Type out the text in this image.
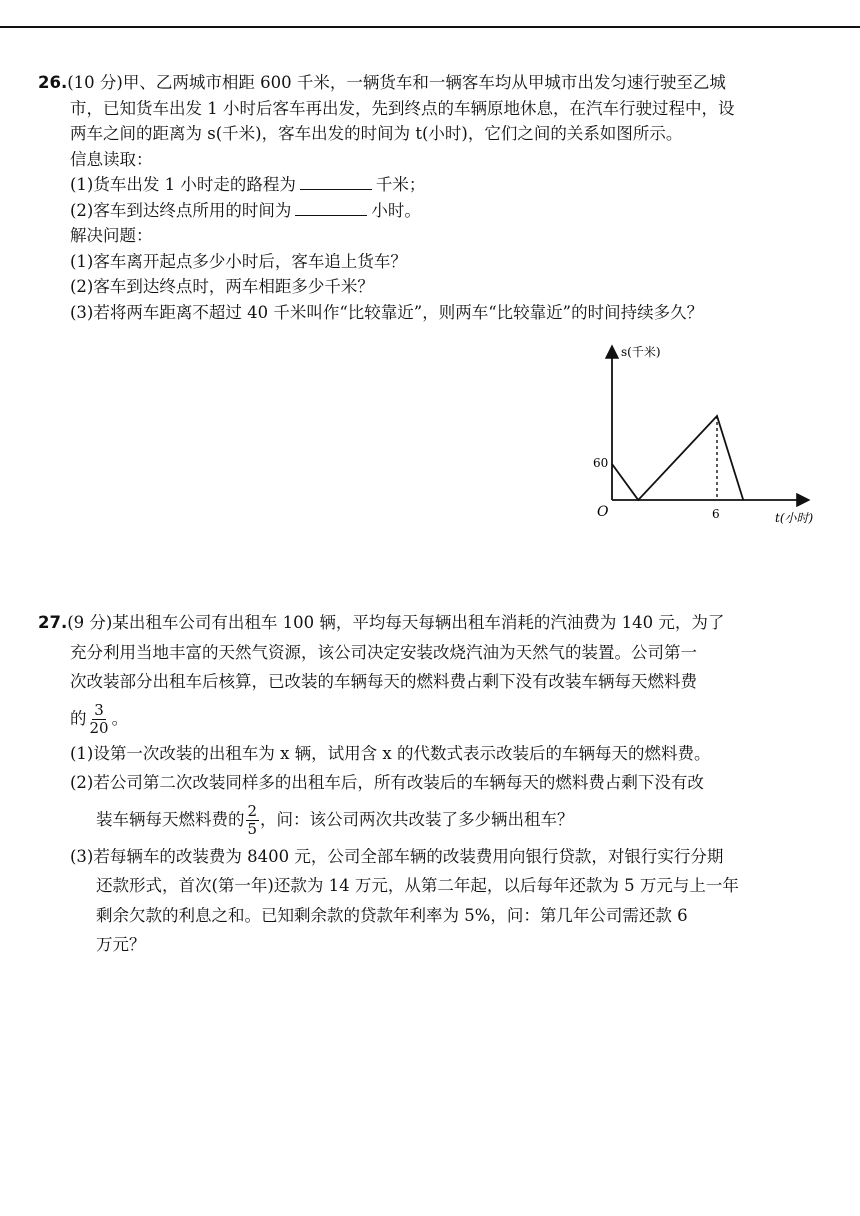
26.(10 分)甲、乙两城市相距 600 千米，一辆货车和一辆客车均从甲城市出发匀速行驶至乙城
市，已知货车出发 1 小时后客车再出发，先到终点的车辆原地休息，在汽车行驶过程中，设
两车之间的距离为 s(千米)，客车出发的时间为 t(小时)，它们之间的关系如图所示。
信息读取：
(1)货车出发 1 小时走的路程为	千米；
(2)客车到达终点所用的时间为	小时。
解决问题：
(1)客车离开起点多少小时后，客车追上货车？
(2)客车到达终点时，两车相距多少千米？
(3)若将两车距离不超过 40 千米叫作“比较靠近”，则两车“比较靠近”的时间持续多久？
s(千米)
t(小时)
O
60
6
27.(9 分)某出租车公司有出租车 100 辆，平均每天每辆出租车消耗的汽油费为 140 元，为了
充分利用当地丰富的天然气资源，该公司决定安装改烧汽油为天然气的装置。公司第一
次改装部分出租车后核算，已改装的车辆每天的燃料费占剩下没有改装车辆每天燃料费
的 $\frac{3}{20}$ 。
(1)设第一次改装的出租车为 x 辆，试用含 x 的代数式表示改装后的车辆每天的燃料费。
(2)若公司第二次改装同样多的出租车后，所有改装后的车辆每天的燃料费占剩下没有改
装车辆每天燃料费的 $\frac{2}{5}$ ，问：该公司两次共改装了多少辆出租车？
(3)若每辆车的改装费为 8400 元，公司全部车辆的改装费用向银行贷款，对银行实行分期
还款形式，首次(第一年)还款为 14 万元，从第二年起，以后每年还款为 5 万元与上一年
剩余欠款的利息之和。已知剩余款的贷款年利率为 5%，问：第几年公司需还款 6
万元？
